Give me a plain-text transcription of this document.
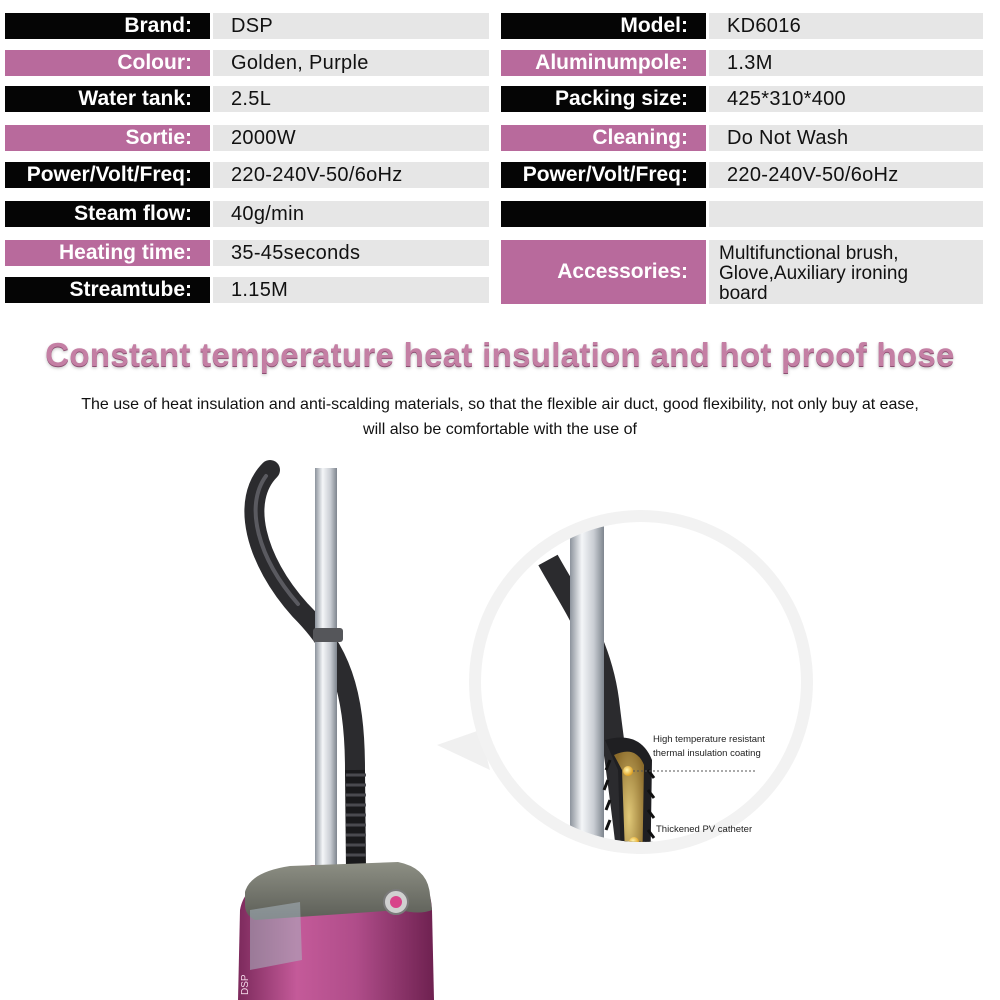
Brand:	DSP
Colour:	Golden, Purple
Water tank:	2.5L
Sortie:	2000W
Power/Volt/Freq:	220-240V-50/6oHz
Steam flow:	40g/min
Heating time:	35-45seconds
Streamtube:	1.15M
Model:	KD6016
Aluminumpole:	1.3M
Packing size:	425*310*400
Cleaning:	Do Not Wash
Power/Volt/Freq:	220-240V-50/6oHz
Accessories:
Multifunctional brush,
Glove,Auxiliary ironing
board
Constant temperature heat insulation and hot proof hose
The use of heat insulation and anti-scalding materials, so that the flexible air duct, good flexibility, not only buy at ease,
will also be comfortable with the use of
DSP
High temperature resistant
thermal insulation coating
Thickened PV catheter
